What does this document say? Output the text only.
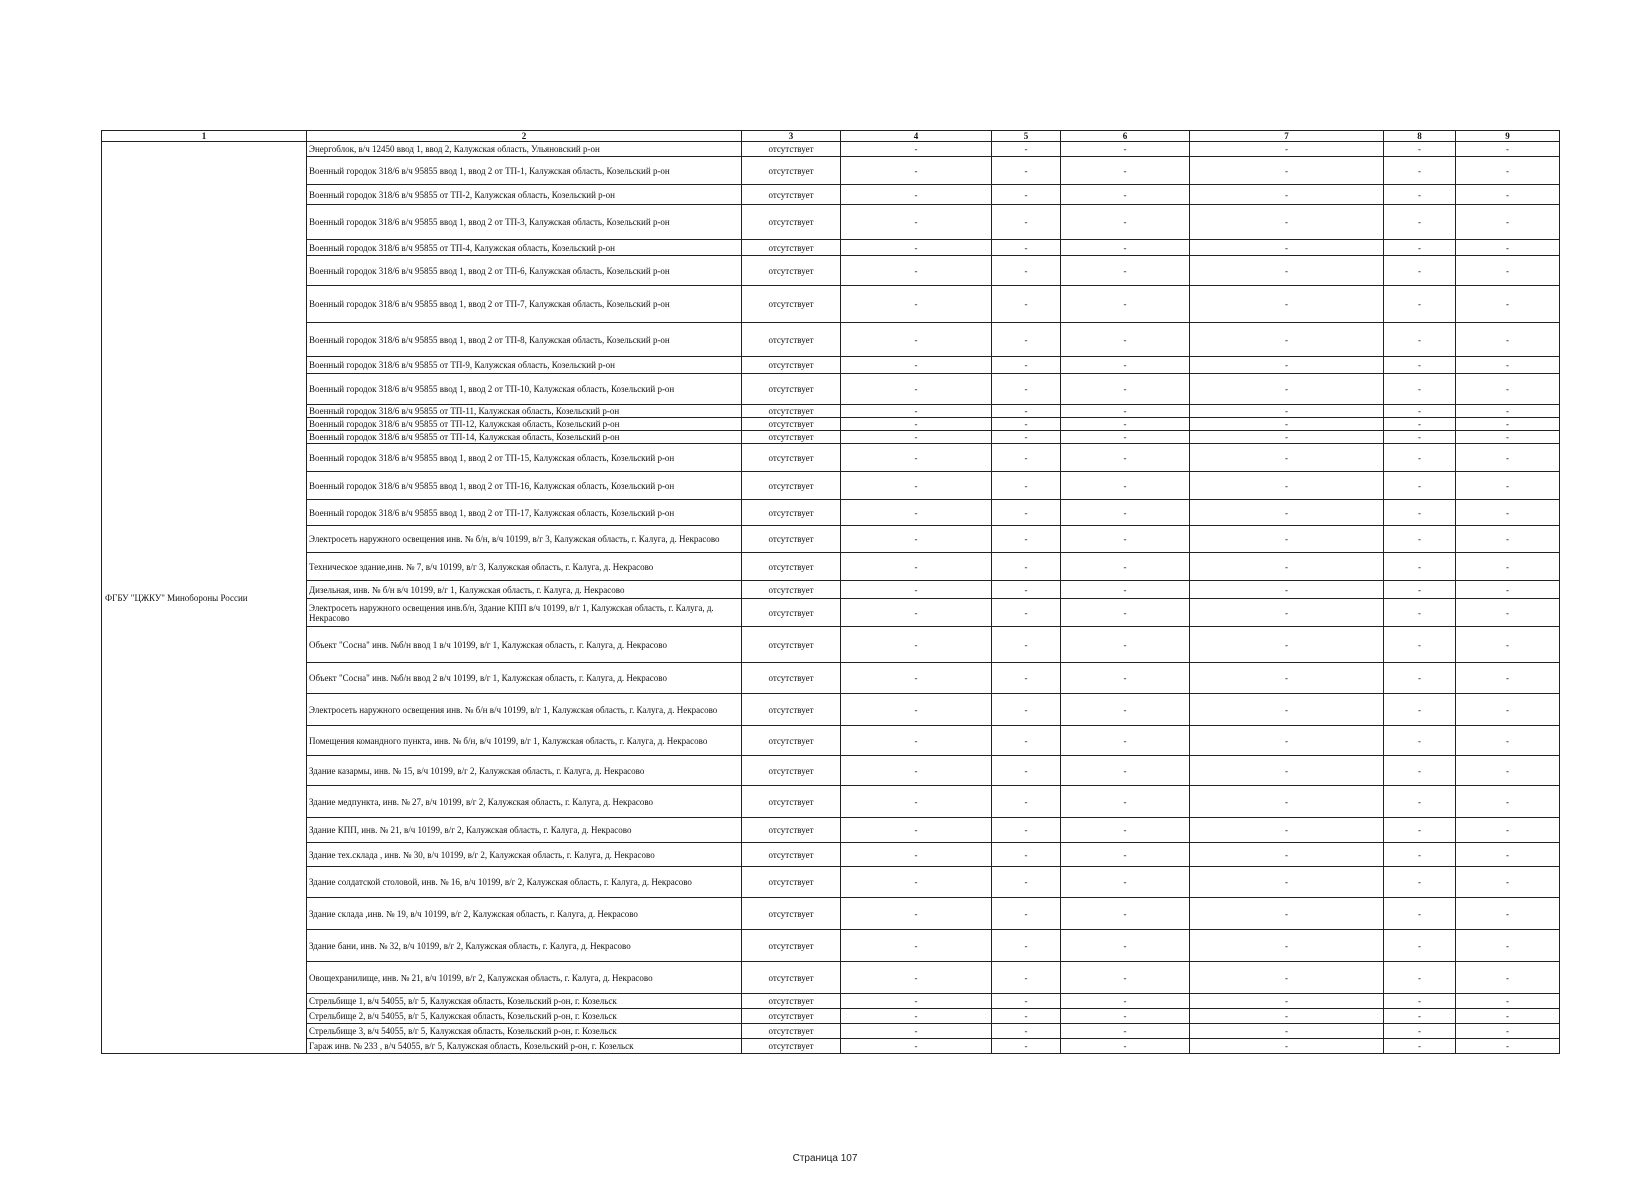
1	2	3	4	5	6	7	8	9
ФГБУ "ЦЖКУ" Минобороны России	Энергоблок, в/ч 12450 ввод 1, ввод 2, Калужская область, Ульяновский р-он	отсутствует	-	-	-	-	-	-
	Военный городок 318/6 в/ч 95855 ввод 1, ввод 2 от ТП-1, Калужская область, Козельский р-он	отсутствует	-	-	-	-	-	-
	Военный городок 318/6 в/ч 95855 от ТП-2, Калужская область, Козельский р-он	отсутствует	-	-	-	-	-	-
	Военный городок 318/6 в/ч 95855 ввод 1, ввод 2 от ТП-3, Калужская область, Козельский р-он	отсутствует	-	-	-	-	-	-
	Военный городок 318/6 в/ч 95855 от ТП-4, Калужская область, Козельский р-он	отсутствует	-	-	-	-	-	-
	Военный городок 318/6 в/ч 95855 ввод 1, ввод 2 от ТП-6, Калужская область, Козельский р-он	отсутствует	-	-	-	-	-	-
	Военный городок 318/6 в/ч 95855 ввод 1, ввод 2 от ТП-7, Калужская область, Козельский р-он	отсутствует	-	-	-	-	-	-
	Военный городок 318/6 в/ч 95855 ввод 1, ввод 2 от ТП-8, Калужская область, Козельский р-он	отсутствует	-	-	-	-	-	-
	Военный городок 318/6 в/ч 95855 от ТП-9, Калужская область, Козельский р-он	отсутствует	-	-	-	-	-	-
	Военный городок 318/6 в/ч 95855 ввод 1, ввод 2 от ТП-10, Калужская область, Козельский р-он	отсутствует	-	-	-	-	-	-
	Военный городок 318/6 в/ч 95855 от ТП-11, Калужская область, Козельский р-он	отсутствует	-	-	-	-	-	-
	Военный городок 318/6 в/ч 95855 от ТП-12, Калужская область, Козельский р-он	отсутствует	-	-	-	-	-	-
	Военный городок 318/6 в/ч 95855 от ТП-14, Калужская область, Козельский р-он	отсутствует	-	-	-	-	-	-
	Военный городок 318/6 в/ч 95855 ввод 1, ввод 2 от ТП-15, Калужская область, Козельский р-он	отсутствует	-	-	-	-	-	-
	Военный городок 318/6 в/ч 95855 ввод 1, ввод 2 от ТП-16, Калужская область, Козельский р-он	отсутствует	-	-	-	-	-	-
	Военный городок 318/6 в/ч 95855 ввод 1, ввод 2 от ТП-17, Калужская область, Козельский р-он	отсутствует	-	-	-	-	-	-
	Электросеть наружного освещения инв. № б/н, в/ч 10199, в/г 3, Калужская область, г. Калуга, д. Некрасово	отсутствует	-	-	-	-	-	-
	Техническое здание,инв. № 7, в/ч 10199, в/г 3, Калужская область, г. Калуга, д. Некрасово	отсутствует	-	-	-	-	-	-
	Дизельная, инв. № б/н в/ч 10199, в/г 1, Калужская область, г. Калуга, д. Некрасово	отсутствует	-	-	-	-	-	-
	Электросеть наружного освещения инв.б/н, Здание КПП в/ч 10199, в/г 1, Калужская область, г. Калуга, д. Некрасово	отсутствует	-	-	-	-	-	-
	Объект "Сосна" инв. №б/н ввод 1 в/ч 10199, в/г 1, Калужская область, г. Калуга, д. Некрасово	отсутствует	-	-	-	-	-	-
	Объект "Сосна" инв. №б/н ввод 2 в/ч 10199, в/г 1, Калужская область, г. Калуга, д. Некрасово	отсутствует	-	-	-	-	-	-
	Электросеть наружного освещения инв. № б/н в/ч 10199, в/г 1, Калужская область, г. Калуга, д. Некрасово	отсутствует	-	-	-	-	-	-
	Помещения командного пункта, инв. № б/н, в/ч 10199, в/г 1, Калужская область, г. Калуга, д. Некрасово	отсутствует	-	-	-	-	-	-
	Здание казармы, инв. № 15, в/ч 10199, в/г 2, Калужская область, г. Калуга, д. Некрасово	отсутствует	-	-	-	-	-	-
	Здание медпункта, инв. № 27, в/ч 10199, в/г 2, Калужская область, г. Калуга, д. Некрасово	отсутствует	-	-	-	-	-	-
	Здание КПП, инв. № 21, в/ч 10199, в/г 2, Калужская область, г. Калуга, д. Некрасово	отсутствует	-	-	-	-	-	-
	Здание тех.склада , инв. № 30, в/ч 10199, в/г 2, Калужская область, г. Калуга, д. Некрасово	отсутствует	-	-	-	-	-	-
	Здание солдатской столовой, инв. № 16, в/ч 10199, в/г 2, Калужская область, г. Калуга, д. Некрасово	отсутствует	-	-	-	-	-	-
	Здание склада ,инв. № 19, в/ч 10199, в/г 2, Калужская область, г. Калуга, д. Некрасово	отсутствует	-	-	-	-	-	-
	Здание бани, инв. № 32, в/ч 10199, в/г 2, Калужская область, г. Калуга, д. Некрасово	отсутствует	-	-	-	-	-	-
	Овощехранилище, инв. № 21, в/ч 10199, в/г 2, Калужская область, г. Калуга, д. Некрасово	отсутствует	-	-	-	-	-	-
	Стрельбище 1, в/ч 54055, в/г 5, Калужская область, Козельский р-он, г. Козельск	отсутствует	-	-	-	-	-	-
	Стрельбище 2, в/ч 54055, в/г 5, Калужская область, Козельский р-он, г. Козельск	отсутствует	-	-	-	-	-	-
	Стрельбище 3, в/ч 54055, в/г 5, Калужская область, Козельский р-он, г. Козельск	отсутствует	-	-	-	-	-	-
	Гараж инв. № 233 , в/ч 54055, в/г 5, Калужская область, Козельский р-он, г. Козельск	отсутствует	-	-	-	-	-	-
Страница 107
